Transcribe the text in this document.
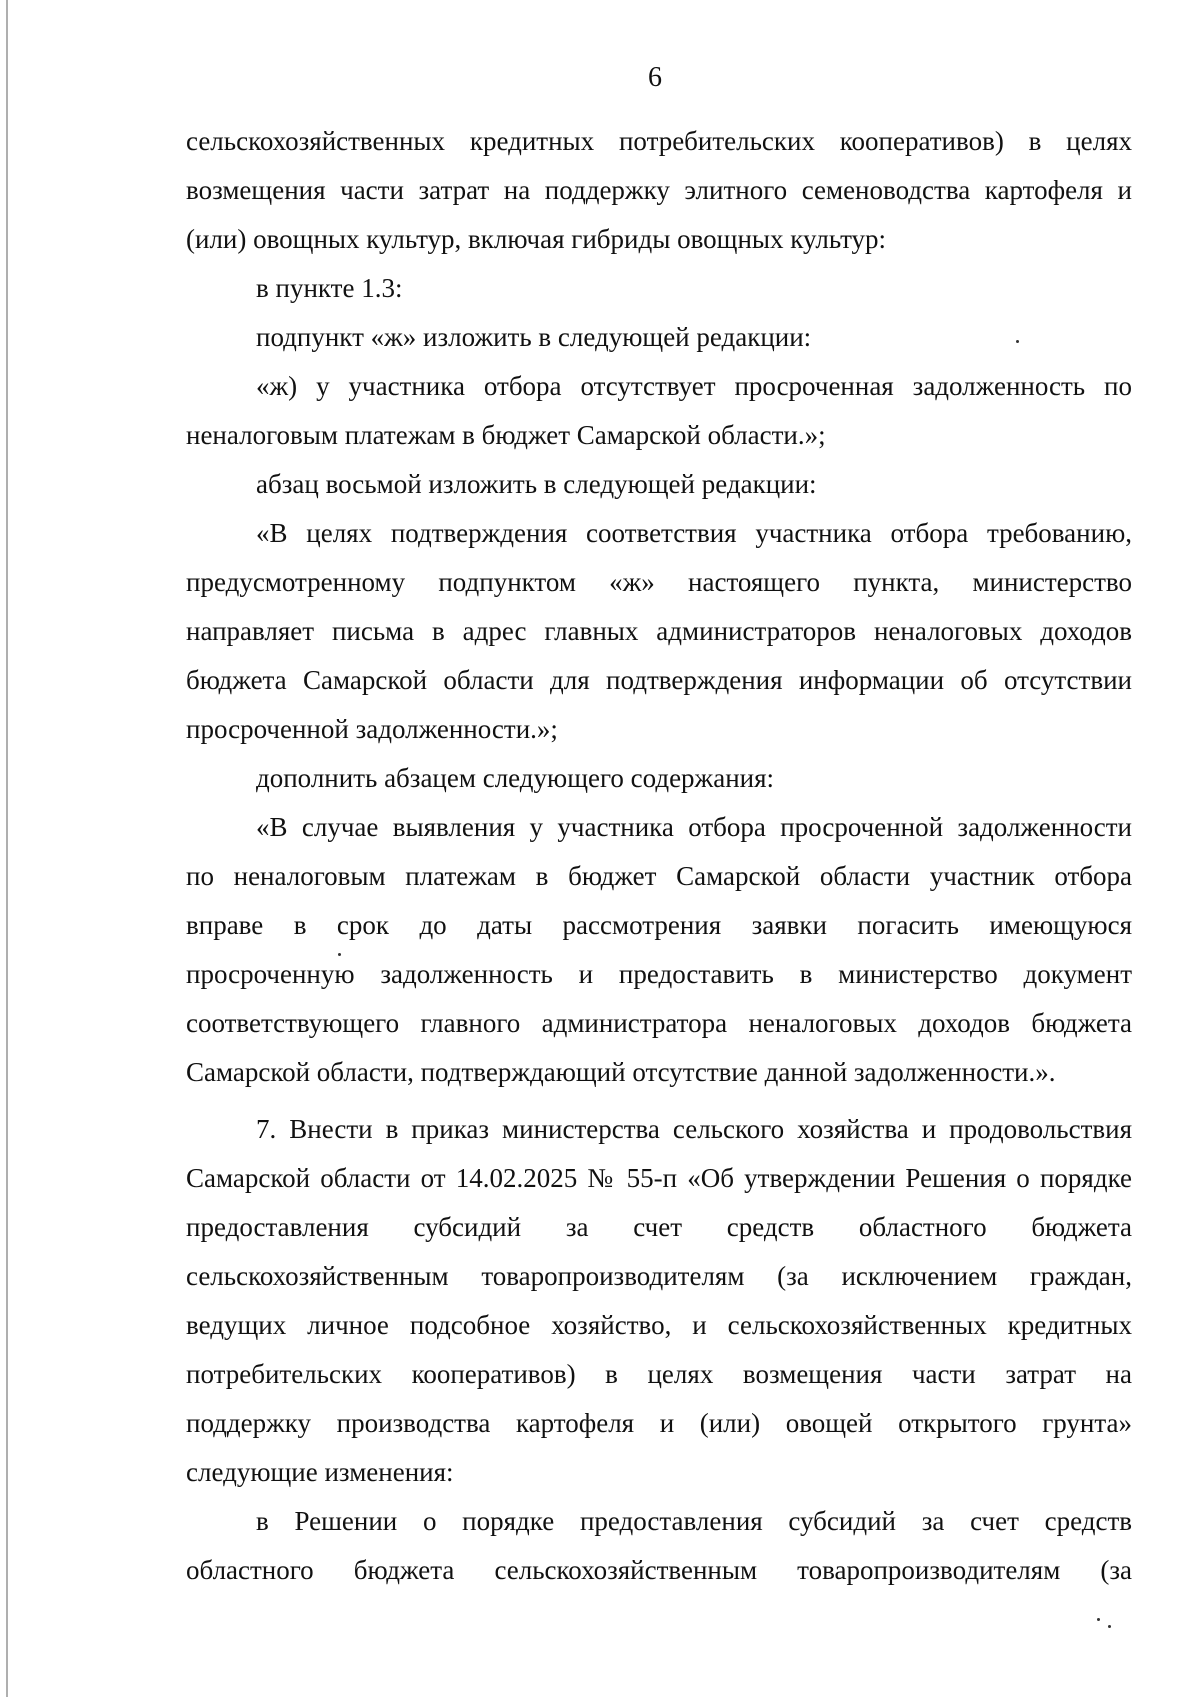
6
сельскохозяйственных кредитных потребительских кооперативов) в целях
возмещения части затрат на поддержку элитного семеноводства картофеля и
(или) овощных культур, включая гибриды овощных культур:
в пункте 1.3:
подпункт «ж» изложить в следующей редакции:
«ж) у участника отбора отсутствует просроченная задолженность по
неналоговым платежам в бюджет Самарской области.»;
абзац восьмой изложить в следующей редакции:
«В целях подтверждения соответствия участника отбора требованию,
предусмотренному подпунктом «ж» настоящего пункта, министерство
направляет письма в адрес главных администраторов неналоговых доходов
бюджета Самарской области для подтверждения информации об отсутствии
просроченной задолженности.»;
дополнить абзацем следующего содержания:
«В случае выявления у участника отбора просроченной задолженности
по неналоговым платежам в бюджет Самарской области участник отбора
вправе в срок до даты рассмотрения заявки погасить имеющуюся
просроченную задолженность и предоставить в министерство документ
соответствующего главного администратора неналоговых доходов бюджета
Самарской области, подтверждающий отсутствие данной задолженности.».
7. Внести в приказ министерства сельского хозяйства и продовольствия
Самарской области от 14.02.2025 № 55-п «Об утверждении Решения о порядке
предоставления субсидий за счет средств областного бюджета
сельскохозяйственным товаропроизводителям (за исключением граждан,
ведущих личное подсобное хозяйство, и сельскохозяйственных кредитных
потребительских кооперативов) в целях возмещения части затрат на
поддержку производства картофеля и (или) овощей открытого грунта»
следующие изменения:
в Решении о порядке предоставления субсидий за счет средств
областного бюджета сельскохозяйственным товаропроизводителям (за
